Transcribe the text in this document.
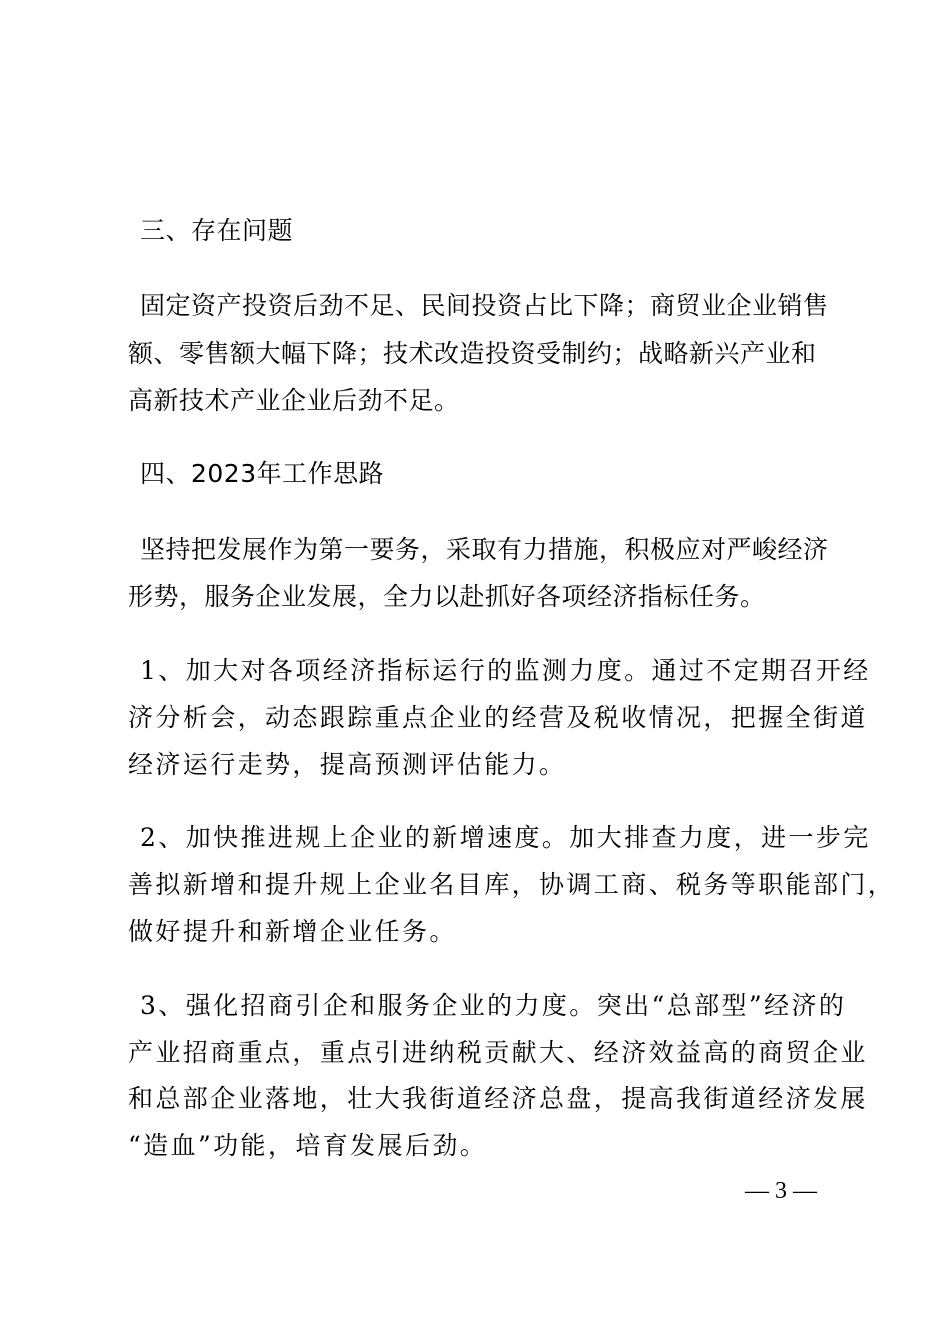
三、存在问题
固定资产投资后劲不足、民间投资占比下降；商贸业企业销售
额、零售额大幅下降；技术改造投资受制约；战略新兴产业和
高新技术产业企业后劲不足。
四、2023年工作思路
坚持把发展作为第一要务，采取有力措施，积极应对严峻经济
形势，服务企业发展，全力以赴抓好各项经济指标任务。
1、加大对各项经济指标运行的监测力度。通过不定期召开经
济分析会，动态跟踪重点企业的经营及税收情况，把握全街道
经济运行走势，提高预测评估能力。
2、加快推进规上企业的新增速度。加大排查力度，进一步完
善拟新增和提升规上企业名目库，协调工商、税务等职能部门，
做好提升和新增企业任务。
3、强化招商引企和服务企业的力度。突出“总部型”经济的
产业招商重点，重点引进纳税贡献大、经济效益高的商贸企业
和总部企业落地，壮大我街道经济总盘，提高我街道经济发展
“造血”功能，培育发展后劲。
— 3 —
